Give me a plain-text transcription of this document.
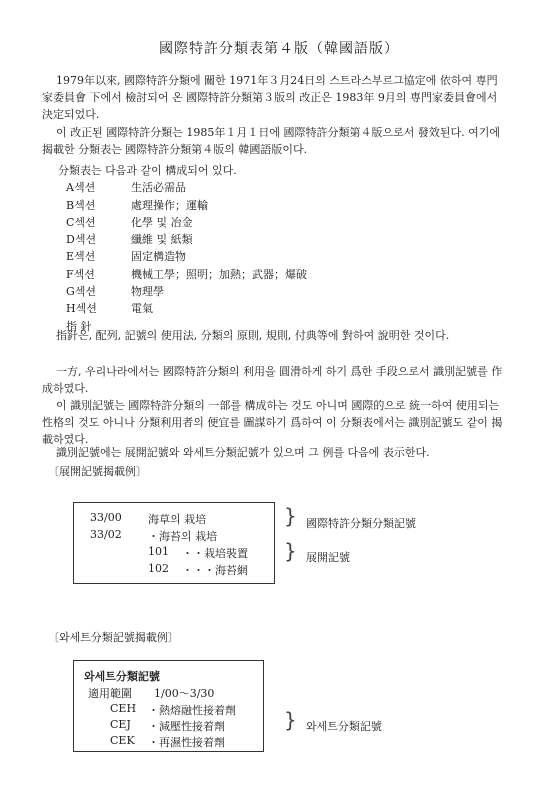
國際特許分類表第４版（韓國語版）
1979年以來, 國際特許分類에 關한 1971年３月24日의 스트라스부르그協定에 依하여 専門家委員會 下에서 檢討되어 온 國際特許分類第３版의 改正은 1983年 9月의 専門家委員會에서 決定되었다.
이 改正된 國際特許分類는 1985年１月１日에 國際特許分類第４版으로서 發效된다. 여기에 揭載한 分類表는 國際特許分類第４版의 韓國語版이다.
分類表는 다음과 같이 構成되어 있다.
A섹션	生活必需品
B섹션	處理操作；運輸
C섹션	化學 및 冶金
D섹션	纖維 및 紙類
E섹션	固定構造物
F섹션	機械工學；照明；加熱；武器；爆破
G섹션	物理學
H섹션	電氣
指 針
指針은, 配列, 記號의 使用法, 分類의 原則, 規則, 付典等에 對하여 說明한 것이다.
一方, 우리나라에서는 國際特許分類의 利用을 圓滑하게 하기 爲한 手段으로서 識別記號를 作成하였다.
이 識別記號는 國際特許分類의 一部를 構成하는 것도 아니며 國際的으로 統一하여 使用되는 性格의 것도 아니나 分類利用者의 便宜를 圖謀하기 爲하여 이 分類表에서는 識別記號도 같이 揭載하였다.
識別記號에는 展開記號와 와세트分類記號가 있으며 그 例를 다음에 表示한다.
〔展開記號揭載例〕
33/00 海草의 栽培
33/02 ・海苔의 栽培
101 ・・栽培裝置
102 ・・・海苔網
} 國際特許分類分類記號
} 展開記號
〔와세트分類記號揭載例〕
와세트分類記號
適用範圍 1/00～3/30
CEH ・熱熔融性接着劑
CEJ ・減壓性接着劑
CEK ・再濕性接着劑
} 와세트分類記號
